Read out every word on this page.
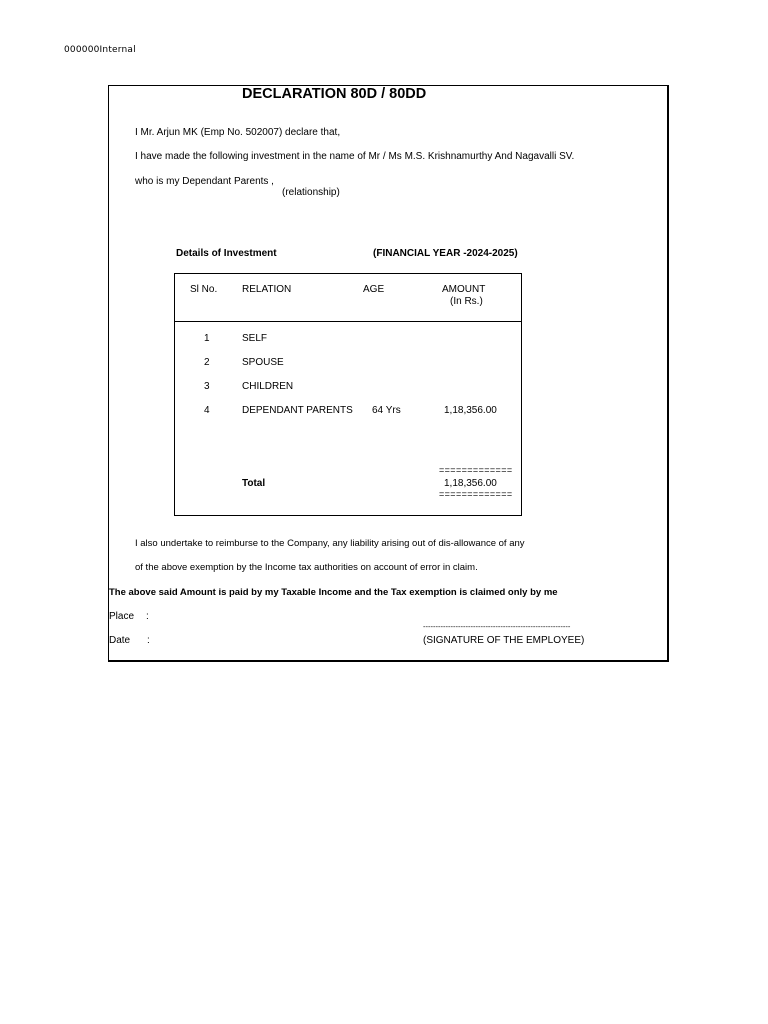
000000Internal
DECLARATION 80D / 80DD
I Mr. Arjun MK (Emp No. 502007) declare that,
I have made the following investment in the name of Mr / Ms M.S. Krishnamurthy And Nagavalli SV.
who is my Dependant Parents ,
(relationship)
Details of Investment	(FINANCIAL YEAR -2024-2025)
Sl No. RELATION	AGE	AMOUNT
(In Rs.)
1	SELF
2	SPOUSE
3	CHILDREN
4	DEPENDANT PARENTS 64 Yrs	1,18,356.00
=============
Total	1,18,356.00
=============
I also undertake to reimburse to the Company, any liability arising out of dis-allowance of any
of the above exemption by the Income tax authorities on account of error in claim.
The above said Amount is paid by my Taxable Income and the Tax exemption is claimed only by me
Place :
-----------------------------------------------------------
Date :	(SIGNATURE OF THE EMPLOYEE)
